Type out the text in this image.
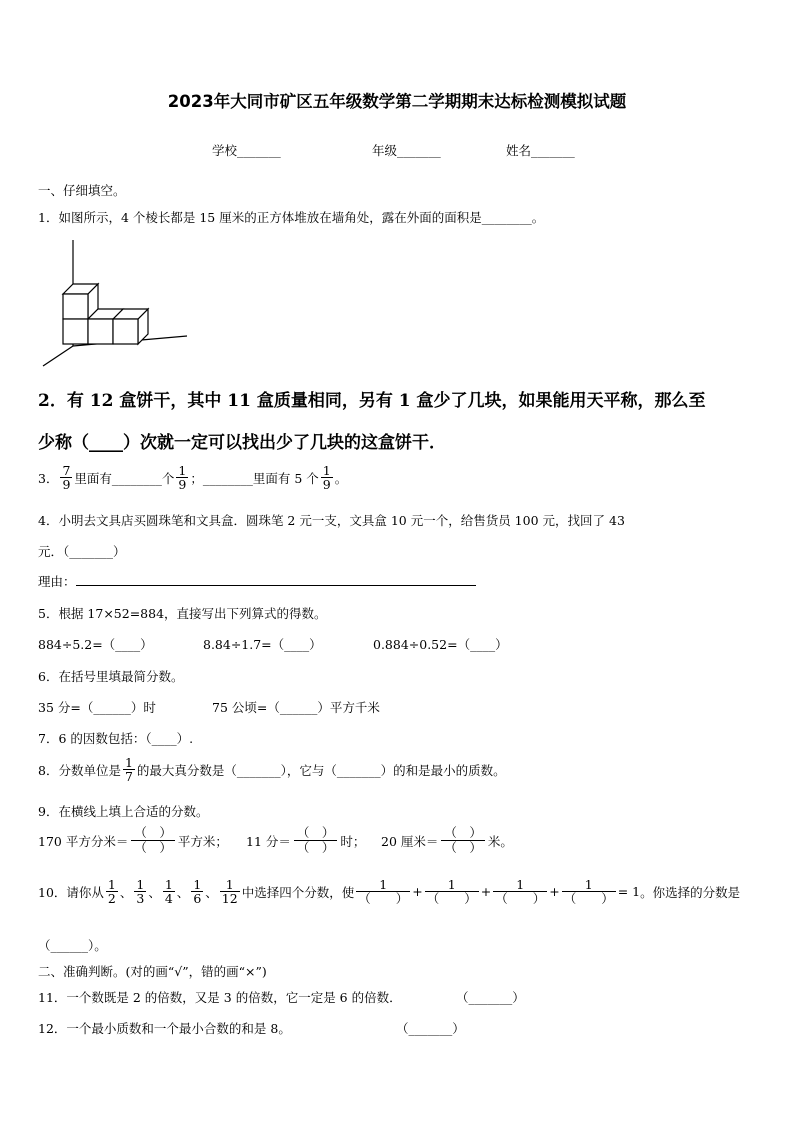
2023年大同市矿区五年级数学第二学期期末达标检测模拟试题
学校_______	年级_______	姓名_______
一、仔细填空。
1．如图所示，4 个棱长都是 15 厘米的正方体堆放在墙角处，露在外面的面积是________。
2．有 12 盒饼干，其中 11 盒质量相同，另有 1 盒少了几块，如果能用天平称，那么至
少称（____）次就一定可以找出少了几块的这盒饼干．
3． $\frac{7}{9}$ 里面有________个 $\frac{1}{9}$ ；________里面有 5 个 $\frac{1}{9}$ 。
4．小明去文具店买圆珠笔和文具盒．圆珠笔 2 元一支，文具盒 10 元一个，给售货员 100 元，找回了 43
元．（_______）
理由：
5．根据 17×52=884，直接写出下列算式的得数。
884÷5.2=（____）	8.84÷1.7=（____）	0.884÷0.52=（____）
6．在括号里填最简分数。
35 分=（______）时	75 公顷=（______）平方千米
7．6 的因数包括：（____）.
8．分数单位是 $\frac{1}{7}$ 的最大真分数是（_______），它与（_______）的和是最小的质数。
9．在横线上填上合适的分数。
170 平方分米＝ $\frac{( )}{( )}$ 平方米； 11 分＝ $\frac{( )}{( )}$ 时； 20 厘米＝ $\frac{( )}{( )}$ 米。
10．请你从 $\frac{1}{2}$ 、 $\frac{1}{3}$ 、 $\frac{1}{4}$ 、 $\frac{1}{6}$ 、 $\frac{1}{12}$ 中选择四个分数，使 $\frac{1}{( )} + \frac{1}{( )} + \frac{1}{( )} + \frac{1}{( )} = 1$ 。你选择的分数是
（______）。
二、准确判断。(对的画“√”，错的画“×”)
11．一个数既是 2 的倍数，又是 3 的倍数，它一定是 6 的倍数．	（_______）
12．一个最小质数和一个最小合数的和是 8。	（_______）
